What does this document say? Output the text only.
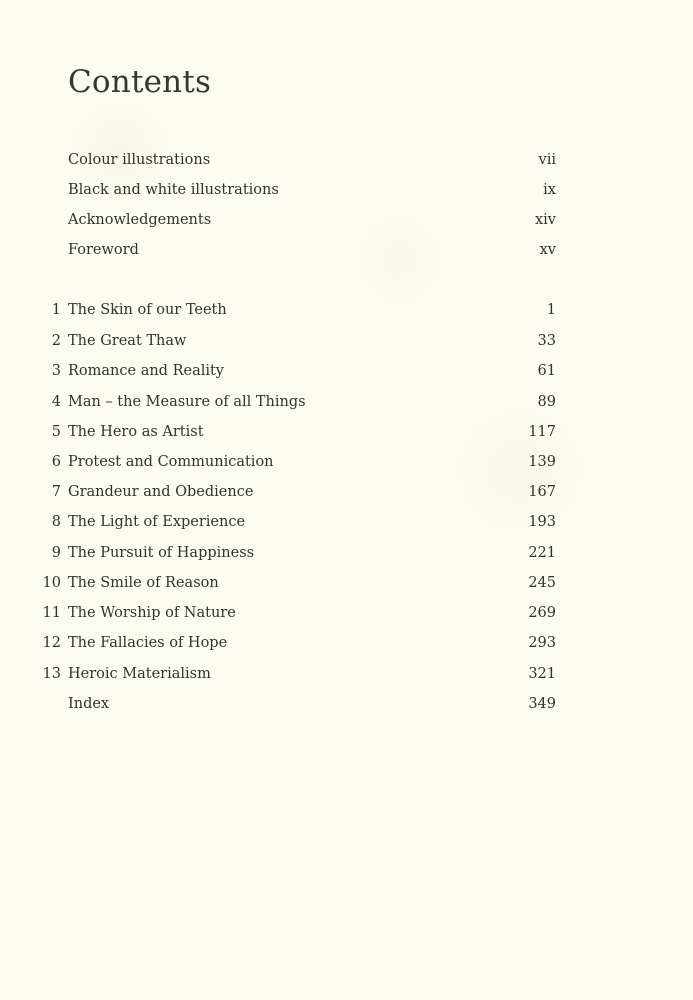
Contents
Colour illustrations	vii
Black and white illustrations	ix
Acknowledgements	xiv
Foreword	xv
1 The Skin of our Teeth	1
2 The Great Thaw	33
3 Romance and Reality	61
4 Man – the Measure of all Things	89
5 The Hero as Artist	117
6 Protest and Communication	139
7 Grandeur and Obedience	167
8 The Light of Experience	193
9 The Pursuit of Happiness	221
10 The Smile of Reason	245
11 The Worship of Nature	269
12 The Fallacies of Hope	293
13 Heroic Materialism	321
Index	349
